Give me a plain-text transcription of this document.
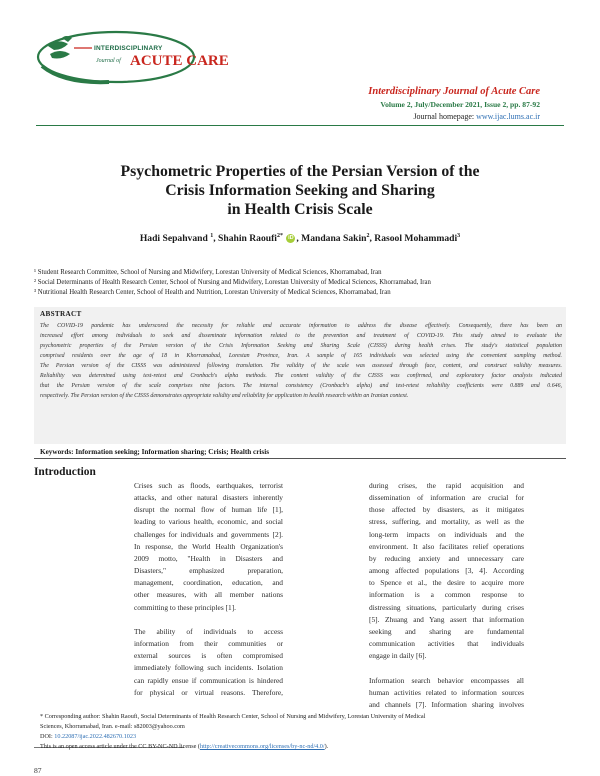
INTERDISCIPLINARY
Journal of ACUTE CARE
Interdisciplinary Journal of Acute Care
Volume 2, July/December 2021, Issue 2, pp. 87-92
Journal homepage: www.ijac.lums.ac.ir
Psychometric Properties of the Persian Version of the
Crisis Information Seeking and Sharing
in Health Crisis Scale
Hadi Sepahvand $^1$, Shahin Raoufi$^{2*}$ iD , Mandana Sakin$^2$, Rasool Mohammadi$^3$
¹ Student Research Committee, School of Nursing and Midwifery, Lorestan University of Medical Sciences, Khorramabad, Iran
² Social Determinants of Health Research Center, School of Nursing and Midwifery, Lorestan University of Medical Sciences, Khorramabad, Iran
³ Nutritional Health Research Center, School of Health and Nutrition, Lorestan University of Medical Sciences, Khorramabad, Iran
ABSTRACT
The COVID-19 pandemic has underscored the necessity for reliable and accurate information to address the disease effectively. Consequently, there has been an
increased effort among individuals to seek and disseminate information related to the prevention and treatment of COVID-19. This study aimed to evaluate the
psychometric properties of the Persian version of the Crisis Information Seeking and Sharing Scale (CISSS) during health crises. The study's statistical population
comprised residents over the age of 18 in Khorramabad, Lorestan Province, Iran. A sample of 165 individuals was selected using the convenient sampling method.
The Persian version of the CISSS was administered following translation. The validity of the scale was assessed through face, content, and construct validity measures.
Reliability was determined using test-retest and Cronbach's alpha methods. The content validity of the CISSS was confirmed, and exploratory factor analysis indicated
that the Persian version of the scale comprises nine factors. The internal consistency (Cronbach's alpha) and test-retest reliability coefficients were 0.889 and 0.646,
respectively. The Persian version of the CISSS demonstrates appropriate validity and reliability for application in health research within an Iranian context.
Keywords: Information seeking; Information sharing; Crisis; Health crisis
Introduction
Crises such as floods, earthquakes, terrorist
attacks, and other natural disasters inherently
disrupt the normal flow of human life [1],
leading to various health, economic, and social
challenges for individuals and governments [2].
In response, the World Health Organization's
2009 motto, "Health in Disasters and
Disasters," emphasized preparation,
management, coordination, education, and
other measures, with all member nations
committing to these principles [1].

The ability of individuals to access
information from their communities or
external sources is often compromised
immediately following such incidents. Isolation
can rapidly ensue if communication is hindered
for physical or virtual reasons. Therefore,
during crises, the rapid acquisition and
dissemination of information are crucial for
those affected by disasters, as it mitigates
stress, suffering, and mortality, as well as the
long-term impacts on individuals and the
environment. It also facilitates relief operations
by reducing anxiety and unnecessary care
among affected populations [3, 4]. According
to Spence et al., the desire to acquire more
information is a common response to
distressing situations, particularly during crises
[5]. Zhuang and Yang assert that information
seeking and sharing are fundamental
communication activities that individuals
engage in daily [6].

Information search behavior encompasses all
human activities related to information sources
and channels [7]. Information sharing involves
* Corresponding author: Shahin Raoufi, Social Determinants of Health Research Center, School of Nursing and Midwifery, Lorestan University of Medical
Sciences, Khorramabad, Iran. e-mail: s82003@yahoo.com
DOI: 10.22087/ijac.2022.482670.1023
This is an open access article under the CC BY-NC-ND license (http://creativecommons.org/licenses/by-nc-nd/4.0/).
87
